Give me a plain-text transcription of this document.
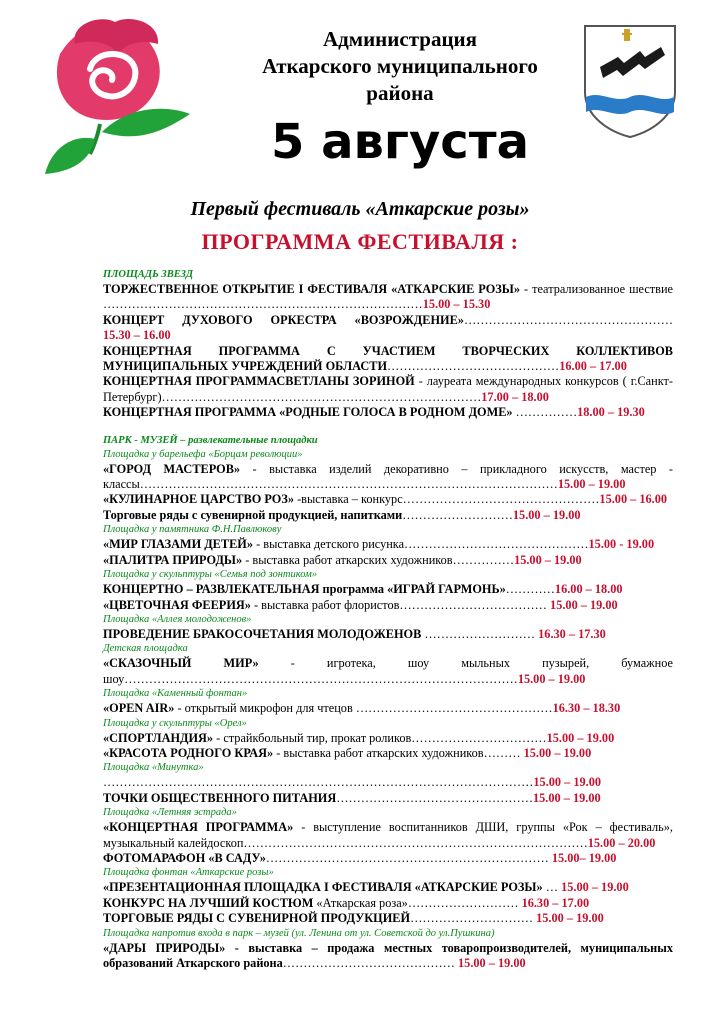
Администрация
Аткарского муниципального
района
5 августа
Первый фестиваль «Аткарские розы»
ПРОГРАММА ФЕСТИВАЛЯ :
ПЛОЩАДЬ ЗВЕЗД
ТОРЖЕСТВЕННОЕ ОТКРЫТИЕ I ФЕСТИВАЛЯ «АТКАРСКИЕ РОЗЫ» - театрализованное шествие ……………………………………………………………………15.00 – 15.30
КОНЦЕРТ ДУХОВОГО ОРКЕСТРА «ВОЗРОЖДЕНИЕ»……………………………………………15.30 – 16.00
КОНЦЕРТНАЯ ПРОГРАММА С УЧАСТИЕМ ТВОРЧЕСКИХ КОЛЛЕКТИВОВ МУНИЦИПАЛЬНЫХ УЧРЕЖДЕНИЙ ОБЛАСТИ……………………………………16.00 – 17.00
КОНЦЕРТНАЯ ПРОГРАММАСВЕТЛАНЫ ЗОРИНОЙ - лауреата международных конкурсов ( г.Санкт-Петербург)……………………………………………………………………17.00 – 18.00
КОНЦЕРТНАЯ ПРОГРАММА «РОДНЫЕ ГОЛОСА В РОДНОМ ДОМЕ» ……………18.00 – 19.30
ПАРК - МУЗЕЙ – развлекательные площадки
Площадка у барельефа «Борцам революции»
«ГОРОД МАСТЕРОВ» - выставка изделий декоративно – прикладного искусств, мастер - классы…………………………………………………………………………………………15.00 – 19.00
«КУЛИНАРНОЕ ЦАРСТВО РОЗ» -выставка – конкурс…………………………………………15.00 – 16.00
Торговые ряды с сувенирной продукцией, напитками………………………15.00 – 19.00
Площадка у памятника Ф.Н.Павлюкову
«МИР ГЛАЗАМИ ДЕТЕЙ» - выставка детского рисунка………………………………………15.00 - 19.00
«ПАЛИТРА ПРИРОДЫ» - выставка работ аткарских художников……………15.00 – 19.00
Площадка у скульптуры «Семья под зонтиком»
КОНЦЕРТНО – РАЗВЛЕКАТЕЛЬНАЯ программа «ИГРАЙ ГАРМОНЬ»…………16.00 – 18.00
«ЦВЕТОЧНАЯ ФЕЕРИЯ» - выставка работ флористов……………………………… 15.00 – 19.00
Площадка «Аллея молодоженов»
ПРОВЕДЕНИЕ БРАКОСОЧЕТАНИЯ МОЛОДОЖЕНОВ ……………………… 16.30 – 17.30
Детская площадка
«СКАЗОЧНЫЙ МИР» - игротека, шоу мыльных пузырей, бумажное шоу……………………………………………………………………………………15.00 – 19.00
Площадка «Каменный фонтан»
«OPEN AIR» - открытый микрофон для чтецов …………………………………………16.30 – 18.30
Площадка у скульптуры «Орел»
«СПОРТЛАНДИЯ» - страйкбольный тир, прокат роликов……………………………15.00 – 19.00
«КРАСОТА РОДНОГО КРАЯ» - выставка работ аткарских художников……… 15.00 – 19.00
Площадка «Минутка»
……………………………………………………………………………………………15.00 – 19.00
ТОЧКИ ОБЩЕСТВЕННОГО ПИТАНИЯ…………………………………………15.00 – 19.00
Площадка «Летняя эстрада»
«КОНЦЕРТНАЯ ПРОГРАММА» - выступление воспитанников ДШИ, группы «Рок – фестиваль», музыкальный калейдоскоп…………………………………………………………………………15.00 – 20.00
ФОТОМАРАФОН «В САДУ»…………………………………………………………… 15.00– 19.00
Площадка фонтан «Аткарские розы»
«ПРЕЗЕНТАЦИОННАЯ ПЛОЩАДКА I ФЕСТИВАЛЯ «АТКАРСКИЕ РОЗЫ» … 15.00 – 19.00
КОНКУРС НА ЛУЧШИЙ КОСТЮМ «Аткарская роза»……………………… 16.30 – 17.00
ТОРГОВЫЕ РЯДЫ С СУВЕНИРНОЙ ПРОДУКЦИЕЙ………………………… 15.00 – 19.00
Площадка напротив входа в парк – музей (ул. Ленина от ул. Советской до ул.Пушкина)
«ДАРЫ ПРИРОДЫ» - выставка – продажа местных товаропроизводителей, муниципальных образований Аткарского района…………………………………… 15.00 – 19.00
